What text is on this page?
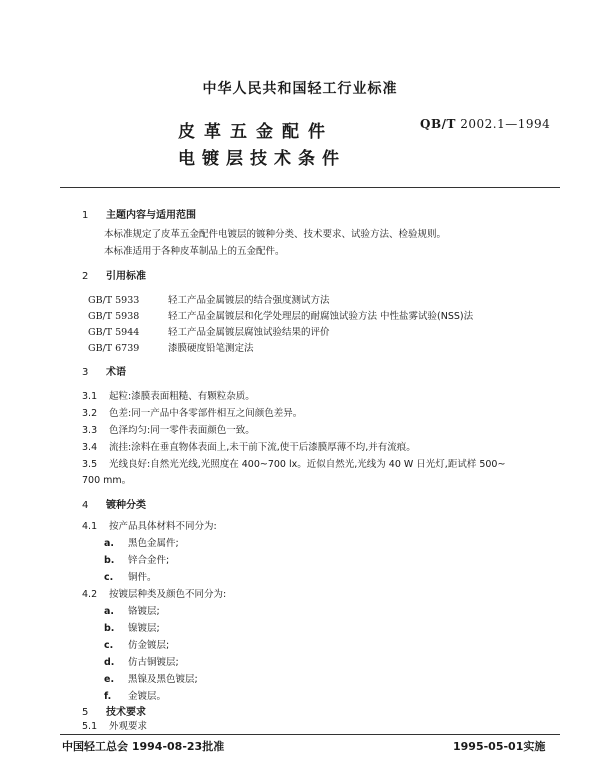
中华人民共和国轻工行业标准
皮革五金配件
电镀层技术条件
QB/T 2002.1—1994
1 主题内容与适用范围
本标准规定了皮革五金配件电镀层的镀种分类、技术要求、试验方法、检验规则。
本标准适用于各种皮革制品上的五金配件。
2 引用标准
GB/T 5933	轻工产品金属镀层的结合强度测试方法
GB/T 5938	轻工产品金属镀层和化学处理层的耐腐蚀试验方法 中性盐雾试验(NSS)法
GB/T 5944	轻工产品金属镀层腐蚀试验结果的评价
GB/T 6739	漆膜硬度铅笔测定法
3 术语
3.1 起粒:漆膜表面粗糙、有颗粒杂质。
3.2 色差:同一产品中各零部件相互之间颜色差异。
3.3 色泽均匀:同一零件表面颜色一致。
3.4 流挂:涂料在垂直物体表面上,未干前下流,使干后漆膜厚薄不均,并有流痕。
3.5 光线良好:自然光光线,光照度在 400~700 lx。近似自然光,光线为 40 W 日光灯,距试样 500~
700 mm。
4 镀种分类
4.1 按产品具体材料不同分为:
a. 黑色金属件;
b. 锌合金件;
c. 铜件。
4.2 按镀层种类及颜色不同分为:
a. 铬镀层;
b. 镍镀层;
c. 仿金镀层;
d. 仿古铜镀层;
e. 黑镍及黑色镀层;
f. 金镀层。
5 技术要求
5.1 外观要求
中国轻工总会 1994-08-23批准	1995-05-01实施
